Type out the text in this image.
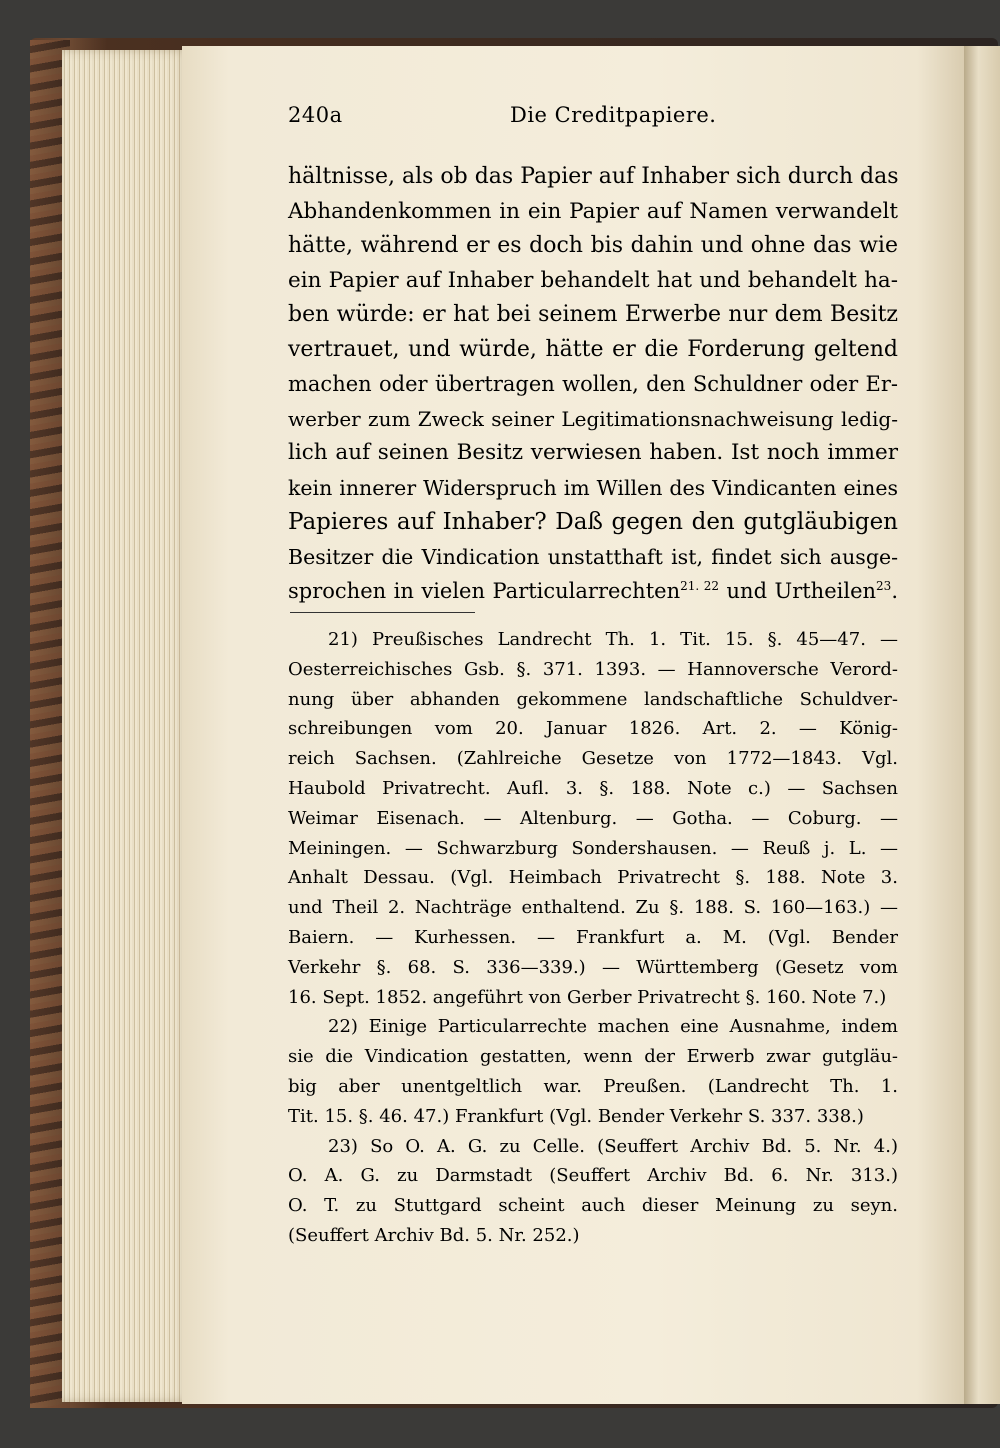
240a	Die Creditpapiere.
hältnisse, als ob das Papier auf Inhaber sich durch das
Abhandenkommen in ein Papier auf Namen verwandelt
hätte, während er es doch bis dahin und ohne das wie
ein Papier auf Inhaber behandelt hat und behandelt ha-
ben würde: er hat bei seinem Erwerbe nur dem Besitz
vertrauet, und würde, hätte er die Forderung geltend
machen oder übertragen wollen, den Schuldner oder Er-
werber zum Zweck seiner Legitimationsnachweisung ledig-
lich auf seinen Besitz verwiesen haben. Ist noch immer
kein innerer Widerspruch im Willen des Vindicanten eines
Papieres auf Inhaber? Daß gegen den gutgläubigen
Besitzer die Vindication unstatthaft ist, findet sich ausge-
sprochen in vielen Particularrechten$^{21. 22}$ und Urtheilen$^{23}$.
21) Preußisches Landrecht Th. 1. Tit. 15. §. 45—47. —
Oesterreichisches Gsb. §. 371. 1393. — Hannoversche Verord-
nung über abhanden gekommene landschaftliche Schuldver-
schreibungen vom 20. Januar 1826. Art. 2. — König-
reich Sachsen. (Zahlreiche Gesetze von 1772—1843. Vgl.
Haubold Privatrecht. Aufl. 3. §. 188. Note c.) — Sachsen
Weimar Eisenach. — Altenburg. — Gotha. — Coburg. —
Meiningen. — Schwarzburg Sondershausen. — Reuß j. L. —
Anhalt Dessau. (Vgl. Heimbach Privatrecht §. 188. Note 3.
und Theil 2. Nachträge enthaltend. Zu §. 188. S. 160—163.) —
Baiern. — Kurhessen. — Frankfurt a. M. (Vgl. Bender
Verkehr §. 68. S. 336—339.) — Württemberg (Gesetz vom
16. Sept. 1852. angeführt von Gerber Privatrecht §. 160. Note 7.)
22) Einige Particularrechte machen eine Ausnahme, indem
sie die Vindication gestatten, wenn der Erwerb zwar gutgläu-
big aber unentgeltlich war. Preußen. (Landrecht Th. 1.
Tit. 15. §. 46. 47.) Frankfurt (Vgl. Bender Verkehr S. 337. 338.)
23) So O. A. G. zu Celle. (Seuffert Archiv Bd. 5. Nr. 4.)
O. A. G. zu Darmstadt (Seuffert Archiv Bd. 6. Nr. 313.)
O. T. zu Stuttgard scheint auch dieser Meinung zu seyn.
(Seuffert Archiv Bd. 5. Nr. 252.)
